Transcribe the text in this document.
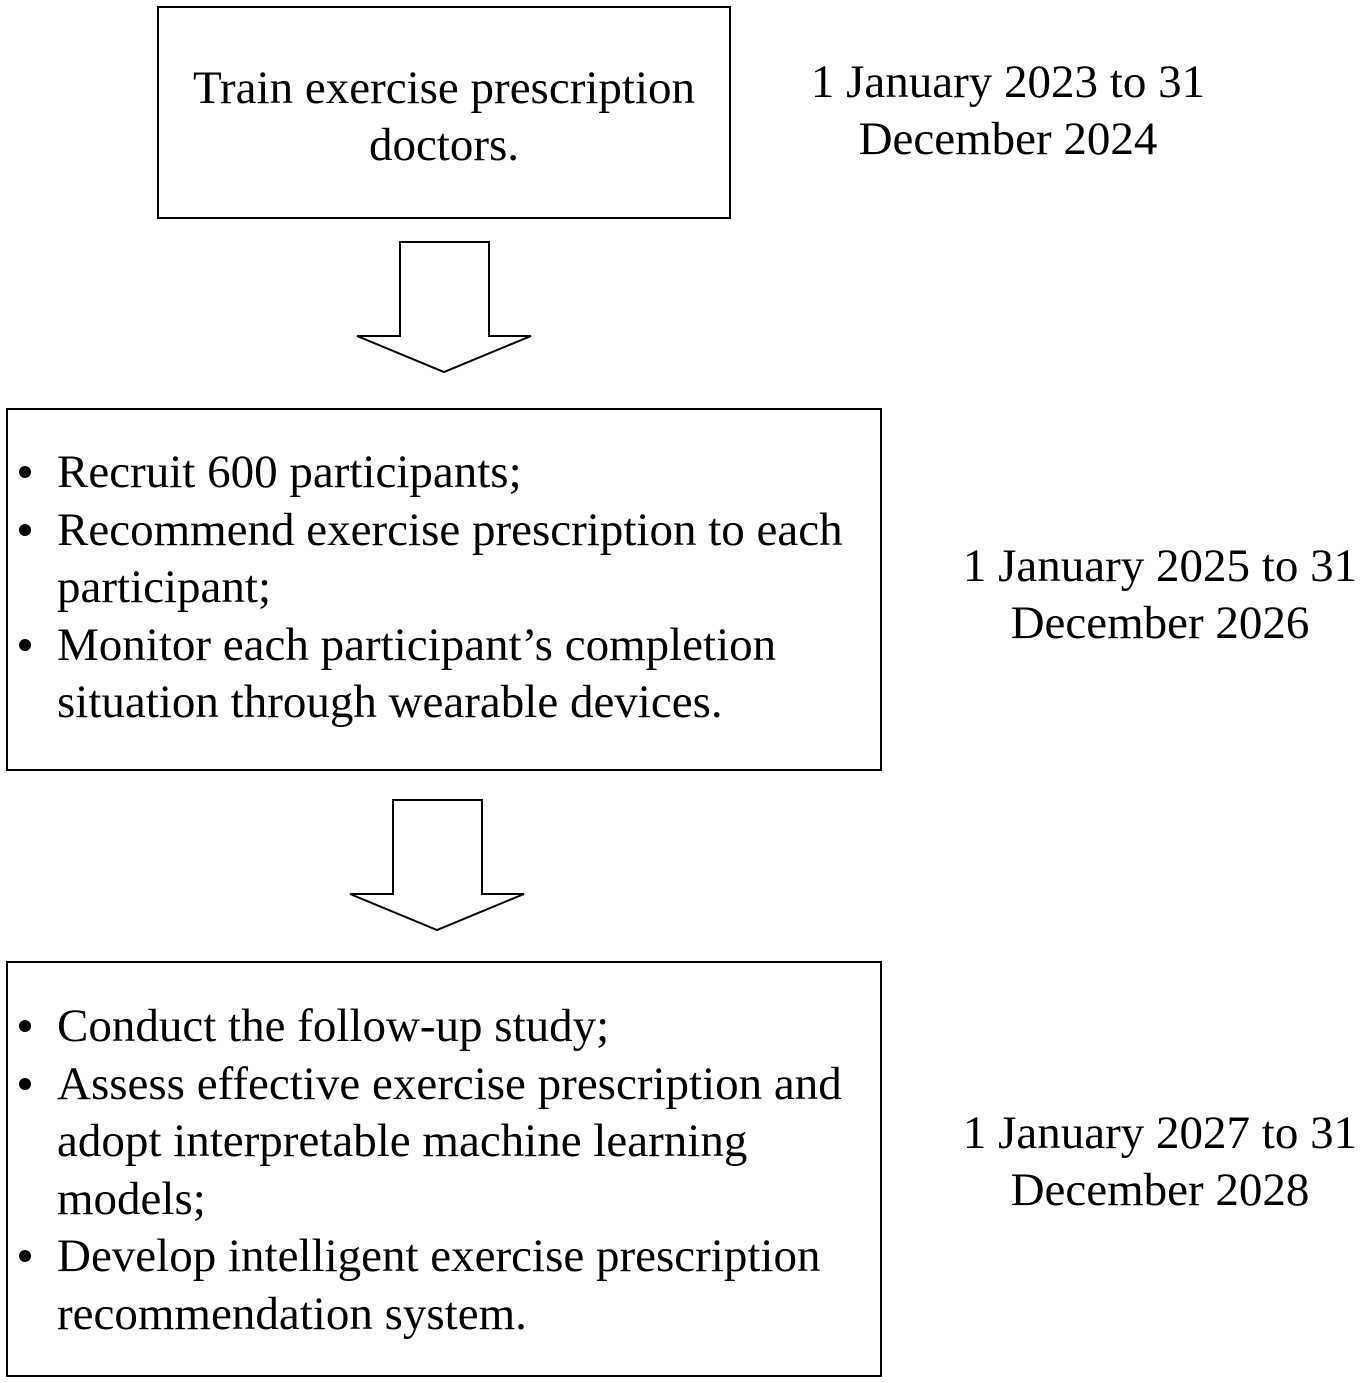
Train exercise prescription
doctors.
1 January 2023 to 31
December 2024
Recruit 600 participants;
Recommend exercise prescription to each
participant;
Monitor each participant’s completion
situation through wearable devices.
1 January 2025 to 31
December 2026
Conduct the follow-up study;
Assess effective exercise prescription and
adopt interpretable machine learning
models;
Develop intelligent exercise prescription
recommendation system.
1 January 2027 to 31
December 2028
